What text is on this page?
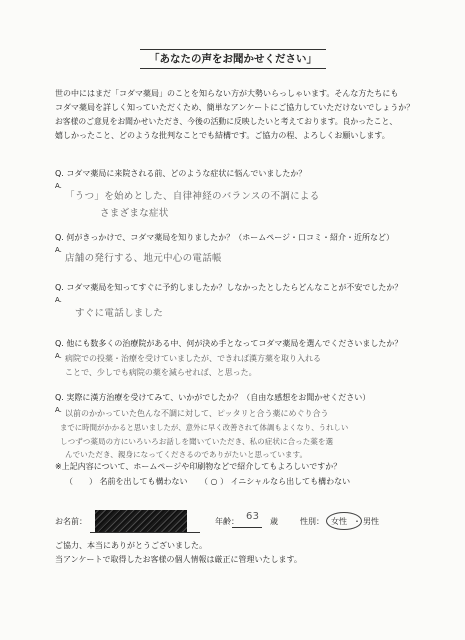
「あなたの声をお聞かせください」
世の中にはまだ「コダマ薬局」のことを知らない方が大勢いらっしゃいます。そんな方たちにも
コダマ薬局を詳しく知っていただくため、簡単なアンケートにご協力していただけないでしょうか？
お客様のご意見をお聞かせいただき、今後の活動に反映したいと考えております。良かったこと、
嬉しかったこと、どのような批判なことでも結構です。ご協力の程、よろしくお願いします。
Q. コダマ薬局に来院される前、どのような症状に悩んでいましたか？
A.
「うつ」を始めとした、自律神経のバランスの不調による
さまざまな症状
Q. 何がきっかけで、コダマ薬局を知りましたか？（ホームページ・口コミ・紹介・近所など）
A.
店舗の発行する、地元中心の電話帳
Q. コダマ薬局を知ってすぐに予約しましたか？しなかったとしたらどんなことが不安でしたか？
A.
すぐに電話しました
Q. 他にも数多くの治療院がある中、何が決め手となってコダマ薬局を選んでくださいましたか？
A. 病院での投薬・治療を受けていましたが、できれば漢方薬を取り入れる
ことで、少しでも病院の薬を減らせれば、と思った。
Q. 実際に漢方治療を受けてみて、いかがでしたか？（自由な感想をお聞かせください）
A. 以前のかかっていた色んな不調に対して、ピッタリと合う薬にめぐり合う
までに時間がかかると思いましたが、意外に早く改善されて体調もよくなり、うれしい
しつずつ薬局の方にいろいろお話しを聞いていただき、私の症状に合った薬を選
んでいただき、親身になってくださるのでありがたいと思っています。
※上記内容について、ホームページや印刷物などで紹介してもよろしいですか？
（　　） 名前を出しても構わない （ ○ ） イニシャルなら出しても構わない
お名前：	年齢： 63 歳	性別： 女性 ・ 男性
ご協力、本当にありがとうございました。
当アンケートで取得したお客様の個人情報は厳正に管理いたします。
